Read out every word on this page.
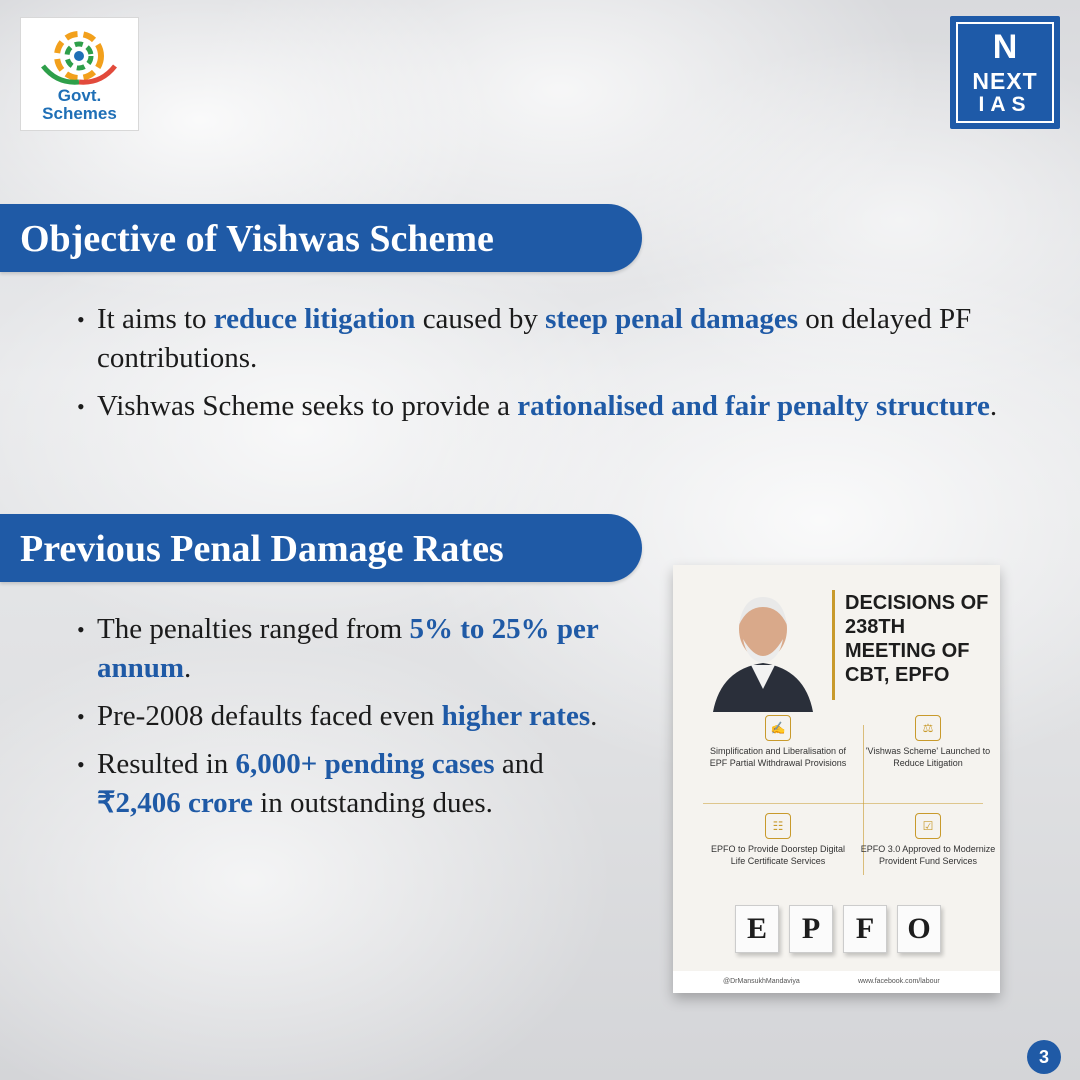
Govt.
Schemes
N
NEXT
IAS
Objective of Vishwas Scheme
• It aims to reduce litigation caused by steep penal damages on delayed PF contributions.
• Vishwas Scheme seeks to provide a rationalised and fair penalty structure.
Previous Penal Damage Rates
• The penalties ranged from 5% to 25% per annum.
• Pre-2008 defaults faced even higher rates.
• Resulted in 6,000+ pending cases and ₹2,406 crore in outstanding dues.
DECISIONS OF
238TH
MEETING OF
CBT, EPFO
✍
Simplification and Liberalisation of EPF Partial Withdrawal Provisions
⚖
'Vishwas Scheme' Launched to Reduce Litigation
☷
EPFO to Provide Doorstep Digital Life Certificate Services
☑
EPFO 3.0 Approved to Modernize Provident Fund Services
E	P	F	O
@DrMansukhMandaviya	www.facebook.com/labour
3
